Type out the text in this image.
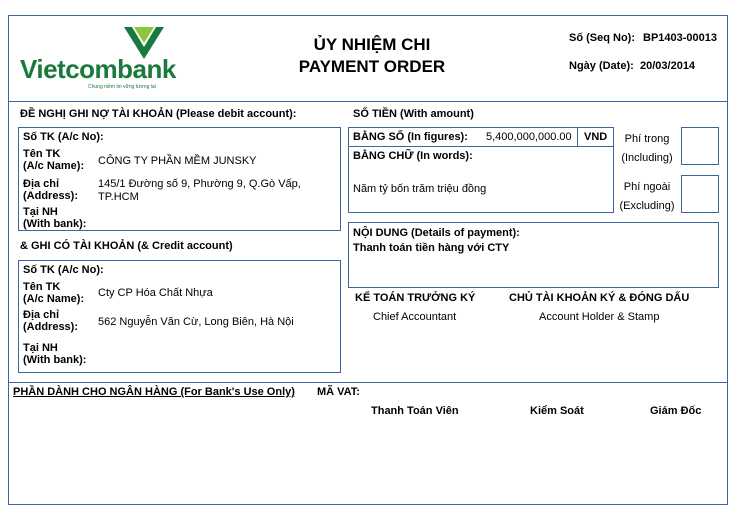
Vietcombank
Chung niềm tin vững tương lai
ỦY NHIỆM CHI
PAYMENT ORDER
Số (Seq No): BP1403-00013
Ngày (Date): 20/03/2014
ĐỀ NGHỊ GHI NỢ TÀI KHOẢN (Please debit account):
Số TK (A/c No):
Tên TK
(A/c Name): CÔNG TY PHẦN MỀM JUNSKY
Địa chỉ
(Address):
145/1 Đường số 9, Phường 9, Q.Gò Vấp,
TP.HCM
Tại NH
(With bank):
& GHI CÓ TÀI KHOẢN (& Credit account)
Số TK (A/c No):
Tên TK
(A/c Name): Cty CP Hóa Chất Nhựa
Địa chỉ
(Address): 562 Nguyễn Văn Cừ, Long Biên, Hà Nội
Tại NH
(With bank):
SỐ TIỀN (With amount)
BẰNG SỐ (In figures): 5,400,000,000.00 VND
BẰNG CHỮ (In words):
Năm tỷ bốn trăm triệu đồng
Phí trong
(Including)
Phí ngoài
(Excluding)
NỘI DUNG (Details of payment):
Thanh toán tiền hàng với CTY
KẾ TOÁN TRƯỞNG KÝ
Chief Accountant
CHỦ TÀI KHOẢN KÝ & ĐÓNG DẤU
Account Holder & Stamp
PHẦN DÀNH CHO NGÂN HÀNG (For Bank's Use Only) MÃ VAT:
Thanh Toán Viên	Kiểm Soát	Giám Đốc
